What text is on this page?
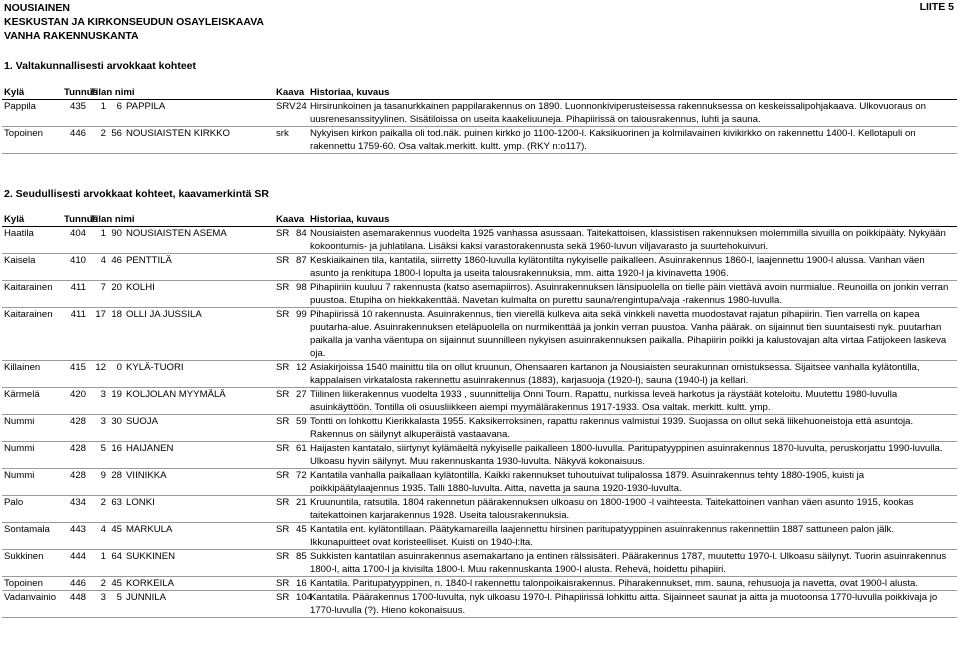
NOUSIAINEN
KESKUSTAN JA KIRKONSEUDUN OSAYLEISKAAVA
VANHA RAKENNUSKANTA
LIITE 5
1. Valtakunnallisesti arvokkaat kohteet
Kylä	Tunnus	Tilan nimi			Kaava		Historiaa, kuvaus
Pappila	435	1	6	PAPPILA	SRV	24	Hirsirunkoinen ja tasanurkkainen pappilarakennus on 1890. Luonnonkiviperusteisessa rakennuksessa on keskeissalipohjakaava. Ulkovuoraus on uusrenesanssityylinen. Sisätiloissa on useita kaakeliuuneja. Pihapiirissä on talousrakennus, luhti ja sauna.
Topoinen	446	2	56	NOUSIAISTEN KIRKKO	srk		Nykyisen kirkon paikalla oli tod.näk. puinen kirkko jo 1100-1200-l. Kaksikuorinen ja kolmilavainen kivikirkko on rakennettu 1400-l. Kellotapuli on rakennettu 1759-60. Osa valtak.merkitt. kultt. ymp. (RKY n:o117).
2. Seudullisesti arvokkaat kohteet, kaavamerkintä SR
Kylä	Tunnus	Tilan nimi			Kaava		Historiaa, kuvaus
Haatila	404	1	90	NOUSIAISTEN ASEMA	SR	84	Nousiaisten asemarakennus vuodelta 1925 vanhassa asussaan. Taitekattoisen, klassistisen rakennuksen molemmilla sivuilla on poikkipääty. Nykyään kokoontumis- ja juhlatilana. Lisäksi kaksi varastorakennusta sekä 1960-luvun viljavarasto ja suurtehokuivuri.
Kaisela	410	4	46	PENTTILÄ	SR	87	Keskiaikainen tila, kantatila, siirretty 1860-luvulla kylätontilta nykyiselle paikalleen. Asuinrakennus 1860-l, laajennettu 1900-l alussa. Vanhan väen asunto ja renkitupa 1800-l lopulta ja useita talousrakennuksia, mm. aitta 1920-l ja kivinavetta 1906.
Kaitarainen	411	7	20	KOLHI	SR	98	Pihapiiriin kuuluu 7 rakennusta (katso asemapiirros). Asuinrakennuksen länsipuolella on tielle päin viettävä avoin nurmialue. Reunoilla on jonkin verran puustoa. Etupiha on hiekkakenttää. Navetan kulmalta on purettu sauna/rengintupa/vaja -rakennus 1980-luvulla.
Kaitarainen	411	17	18	OLLI JA JUSSILA	SR	99	Pihapiirissä 10 rakennusta. Asuinrakennus, tien vierellä kulkeva aita sekä vinkkeli navetta muodostavat rajatun pihapiirin. Tien varrella on kapea puutarha-alue. Asuinrakennuksen eteläpuolella on nurmikenttää ja jonkin verran puustoa. Vanha päärak. on sijainnut tien suuntaisesti nyk. puutarhan paikalla ja vanha väentupa on sijainnut suunnilleen nykyisen asuinrakennuksen paikalla. Pihapiirin poikki ja kalustovajan alta virtaa Fatijokeen laskeva oja.
Killainen	415	12	0	KYLÄ-TUORI	SR	12	Asiakirjoissa 1540 mainittu tila on ollut kruunun, Ohensaaren kartanon ja Nousiaisten seurakunnan omistuksessa. Sijaitsee vanhalla kylätontilla, kappalaisen virkatalosta rakennettu asuinrakennus (1883), karjasuoja (1920-l), sauna (1940-l) ja kellari.
Kärmelä	420	3	19	KOLJOLAN MYYMÄLÄ	SR	27	Tiilinen liikerakennus vuodelta 1933 , suunnittelija Onni Tourn. Rapattu, nurkissa leveä harkotus ja räystäät koteloitu. Muutettu 1980-luvulla asuinkäyttöön. Tontilla oli osuusliikkeen aiempi myymälärakennus 1917-1933. Osa valtak. merkitt. kultt. ymp.
Nummi	428	3	30	SUOJA	SR	59	Tontti on lohkottu Kierikkalasta 1955. Kaksikerroksinen, rapattu rakennus valmistui 1939. Suojassa on ollut sekä liikehuoneistoja että asuntoja. Rakennus on säilynyt alkuperäistä vastaavana.
Nummi	428	5	16	HAIJANEN	SR	61	Haijasten kantatalo, siirtynyt kylämäeltä nykyiselle paikalleen 1800-luvulla. Paritupatyyppinen asuinrakennus 1870-luvulta, peruskorjattu 1990-luvulla. Ulkoasu hyvin säilynyt. Muu rakennuskanta 1930-luvulta. Näkyvä kokonaisuus.
Nummi	428	9	28	VIINIKKA	SR	72	Kantatila vanhalla paikallaan kylätontilla. Kaikki rakennukset tuhoutuivat tulipalossa 1879. Asuinrakennus tehty 1880-1905, kuisti ja poikkipäätylaajennus 1935. Talli 1880-luvulta. Aitta, navetta ja sauna 1920-1930-luvulta.
Palo	434	2	63	LONKI	SR	21	Kruununtila, ratsutila. 1804 rakennetun päärakennuksen ulkoasu on 1800-1900 -l vaihteesta. Taitekattoinen vanhan väen asunto 1915, kookas taitekattoinen karjarakennus 1928. Useita talousrakennuksia.
Sontamala	443	4	45	MARKULA	SR	45	Kantatila ent. kylätontillaan. Päätykamareilla laajennettu hirsinen paritupatyyppinen asuinrakennus rakennettiin 1887 sattuneen palon jälk. Ikkunapuitteet ovat koristeelliset. Kuisti on 1940-l:lta.
Sukkinen	444	1	64	SUKKINEN	SR	85	Sukkisten kantatilan asuinrakennus asemakartano ja entinen rälssisäteri. Päärakennus 1787, muutettu 1970-l. Ulkoasu säilynyt. Tuorin asuinrakennus 1800-l, aitta 1700-l ja kivisilta 1800-l. Muu rakennuskanta 1900-l alusta. Rehevä, hoidettu pihapiiri.
Topoinen	446	2	45	KORKEILA	SR	16	Kantatila. Paritupatyyppinen, n. 1840-l rakennettu talonpoikaisrakennus. Piharakennukset, mm. sauna, rehusuoja ja navetta, ovat 1900-l alusta.
Vadanvainio	448	3	5	JUNNILA	SR	104	Kantatila. Päärakennus 1700-luvulta, nyk ulkoasu 1970-l. Pihapiirissä lohkittu aitta. Sijainneet saunat ja aitta ja muotoonsa 1770-luvulla poikkivaja jo 1770-luvulla (?). Hieno kokonaisuus.
